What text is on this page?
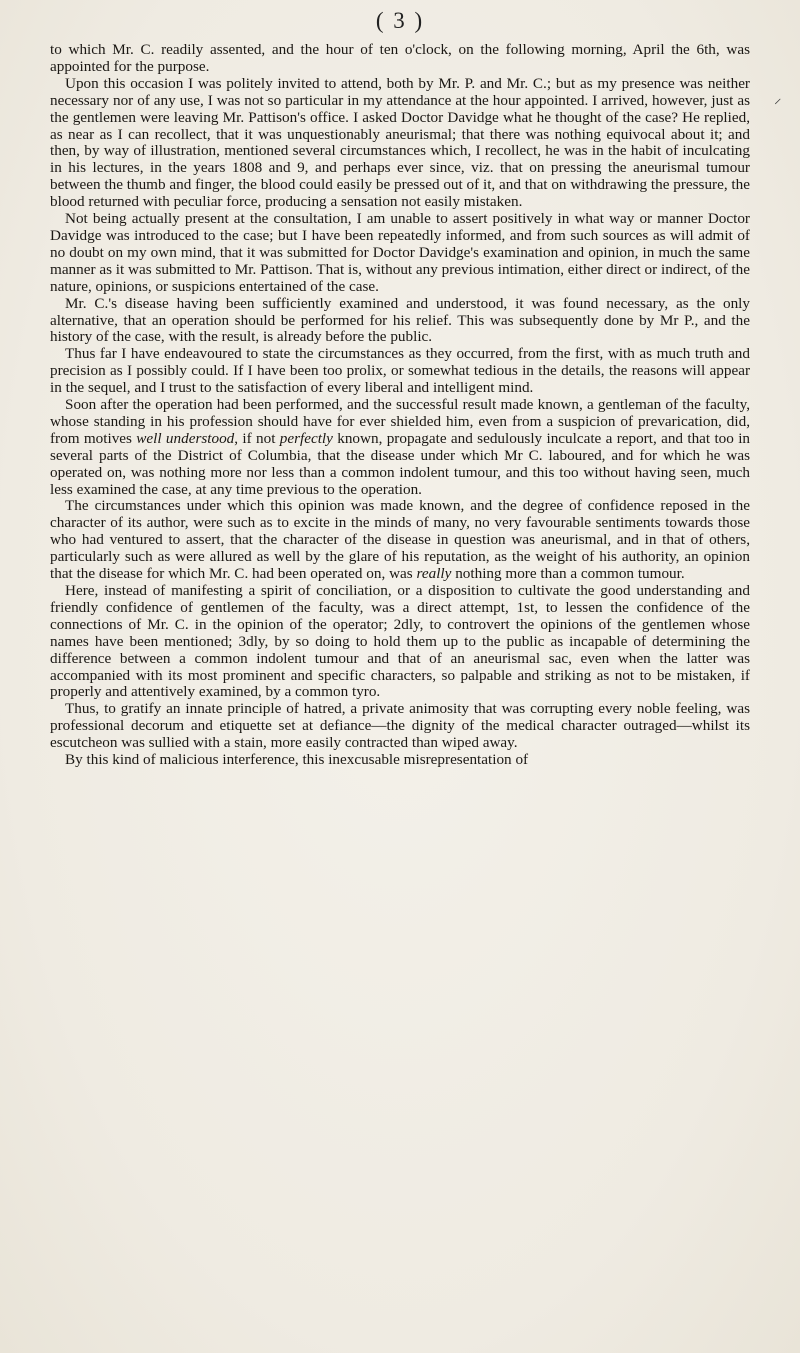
( 3 )
⸝

to which Mr. C. readily assented, and the hour of ten o'clock, on the following morning, April the 6th, was appointed for the purpose.

Upon this occasion I was politely invited to attend, both by Mr. P. and Mr. C.; but as my presence was neither necessary nor of any use, I was not so particular in my attendance at the hour appointed. I arrived, however, just as the gentlemen were leaving Mr. Pattison's office. I asked Doctor Davidge what he thought of the case? He replied, as near as I can recollect, that it was unquestionably aneurismal; that there was nothing equivocal about it; and then, by way of illustration, mentioned several circumstances which, I recollect, he was in the habit of inculcating in his lectures, in the years 1808 and 9, and perhaps ever since, viz. that on pressing the aneurismal tumour between the thumb and finger, the blood could easily be pressed out of it, and that on withdrawing the pressure, the blood returned with peculiar force, producing a sensation not easily mistaken.

Not being actually present at the consultation, I am unable to assert positively in what way or manner Doctor Davidge was introduced to the case; but I have been repeatedly informed, and from such sources as will admit of no doubt on my own mind, that it was submitted for Doctor Davidge's examination and opinion, in much the same manner as it was submitted to Mr. Pattison. That is, without any previous intimation, either direct or indirect, of the nature, opinions, or suspicions entertained of the case.

Mr. C.'s disease having been sufficiently examined and understood, it was found necessary, as the only alternative, that an operation should be performed for his relief. This was subsequently done by Mr P., and the history of the case, with the result, is already before the public.

Thus far I have endeavoured to state the circumstances as they occurred, from the first, with as much truth and precision as I possibly could. If I have been too prolix, or somewhat tedious in the details, the reasons will appear in the sequel, and I trust to the satisfaction of every liberal and intelligent mind.

Soon after the operation had been performed, and the successful result made known, a gentleman of the faculty, whose standing in his profession should have for ever shielded him, even from a suspicion of prevarication, did, from motives well understood, if not perfectly known, propagate and sedulously inculcate a report, and that too in several parts of the District of Columbia, that the disease under which Mr C. laboured, and for which he was operated on, was nothing more nor less than a common indolent tumour, and this too without having seen, much less examined the case, at any time previous to the operation.

The circumstances under which this opinion was made known, and the degree of confidence reposed in the character of its author, were such as to excite in the minds of many, no very favourable sentiments towards those who had ventured to assert, that the character of the disease in question was aneurismal, and in that of others, particularly such as were allured as well by the glare of his reputation, as the weight of his authority, an opinion that the disease for which Mr. C. had been operated on, was really nothing more than a common tumour.

Here, instead of manifesting a spirit of conciliation, or a disposition to cultivate the good understanding and friendly confidence of gentlemen of the faculty, was a direct attempt, 1st, to lessen the confidence of the connections of Mr. C. in the opinion of the operator; 2dly, to controvert the opinions of the gentlemen whose names have been mentioned; 3dly, by so doing to hold them up to the public as incapable of determining the difference between a common indolent tumour and that of an aneurismal sac, even when the latter was accompanied with its most prominent and specific characters, so palpable and striking as not to be mistaken, if properly and attentively examined, by a common tyro.

Thus, to gratify an innate principle of hatred, a private animosity that was corrupting every noble feeling, was professional decorum and etiquette set at defiance—the dignity of the medical character outraged—whilst its escutcheon was sullied with a stain, more easily contracted than wiped away.

By this kind of malicious interference, this inexcusable misrepresentation of
